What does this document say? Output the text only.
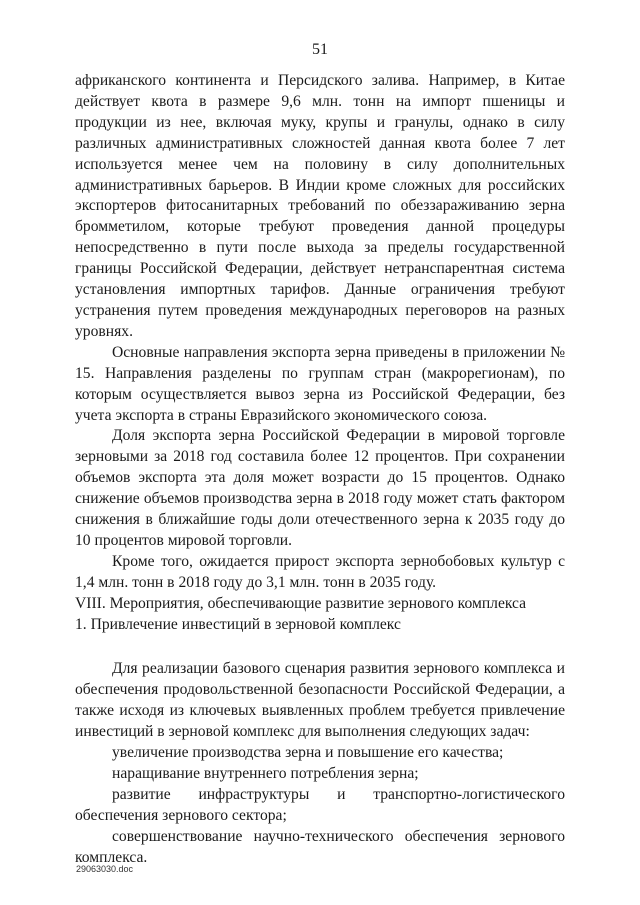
51

африканского континента и Персидского залива. Например, в Китае действует квота в размере 9,6 млн. тонн на импорт пшеницы и продукции из нее, включая муку, крупы и гранулы, однако в силу различных административных сложностей данная квота более 7 лет используется менее чем на половину в силу дополнительных административных барьеров. В Индии кроме сложных для российских экспортеров фитосанитарных требований по обеззараживанию зерна бромметилом, которые требуют проведения данной процедуры непосредственно в пути после выхода за пределы государственной границы Российской Федерации, действует нетранспарентная система установления импортных тарифов. Данные ограничения требуют устранения путем проведения международных переговоров на разных уровнях.

Основные направления экспорта зерна приведены в приложении № 15. Направления разделены по группам стран (макрорегионам), по которым осуществляется вывоз зерна из Российской Федерации, без учета экспорта в страны Евразийского экономического союза.

Доля экспорта зерна Российской Федерации в мировой торговле зерновыми за 2018 год составила более 12 процентов. При сохранении объемов экспорта эта доля может возрасти до 15 процентов. Однако снижение объемов производства зерна в 2018 году может стать фактором снижения в ближайшие годы доли отечественного зерна к 2035 году до 10 процентов мировой торговли.

Кроме того, ожидается прирост экспорта зернобобовых культур с 1,4 млн. тонн в 2018 году до 3,1 млн. тонн в 2035 году.

VIII. Мероприятия, обеспечивающие развитие зернового комплекса

1. Привлечение инвестиций в зерновой комплекс

Для реализации базового сценария развития зернового комплекса и обеспечения продовольственной безопасности Российской Федерации, а также исходя из ключевых выявленных проблем требуется привлечение инвестиций в зерновой комплекс для выполнения следующих задач:

увеличение производства зерна и повышение его качества;

наращивание внутреннего потребления зерна;

развитие инфраструктуры и транспортно-логистического обеспечения зернового сектора;

совершенствование научно-технического обеспечения зернового комплекса.

29063030.doc
